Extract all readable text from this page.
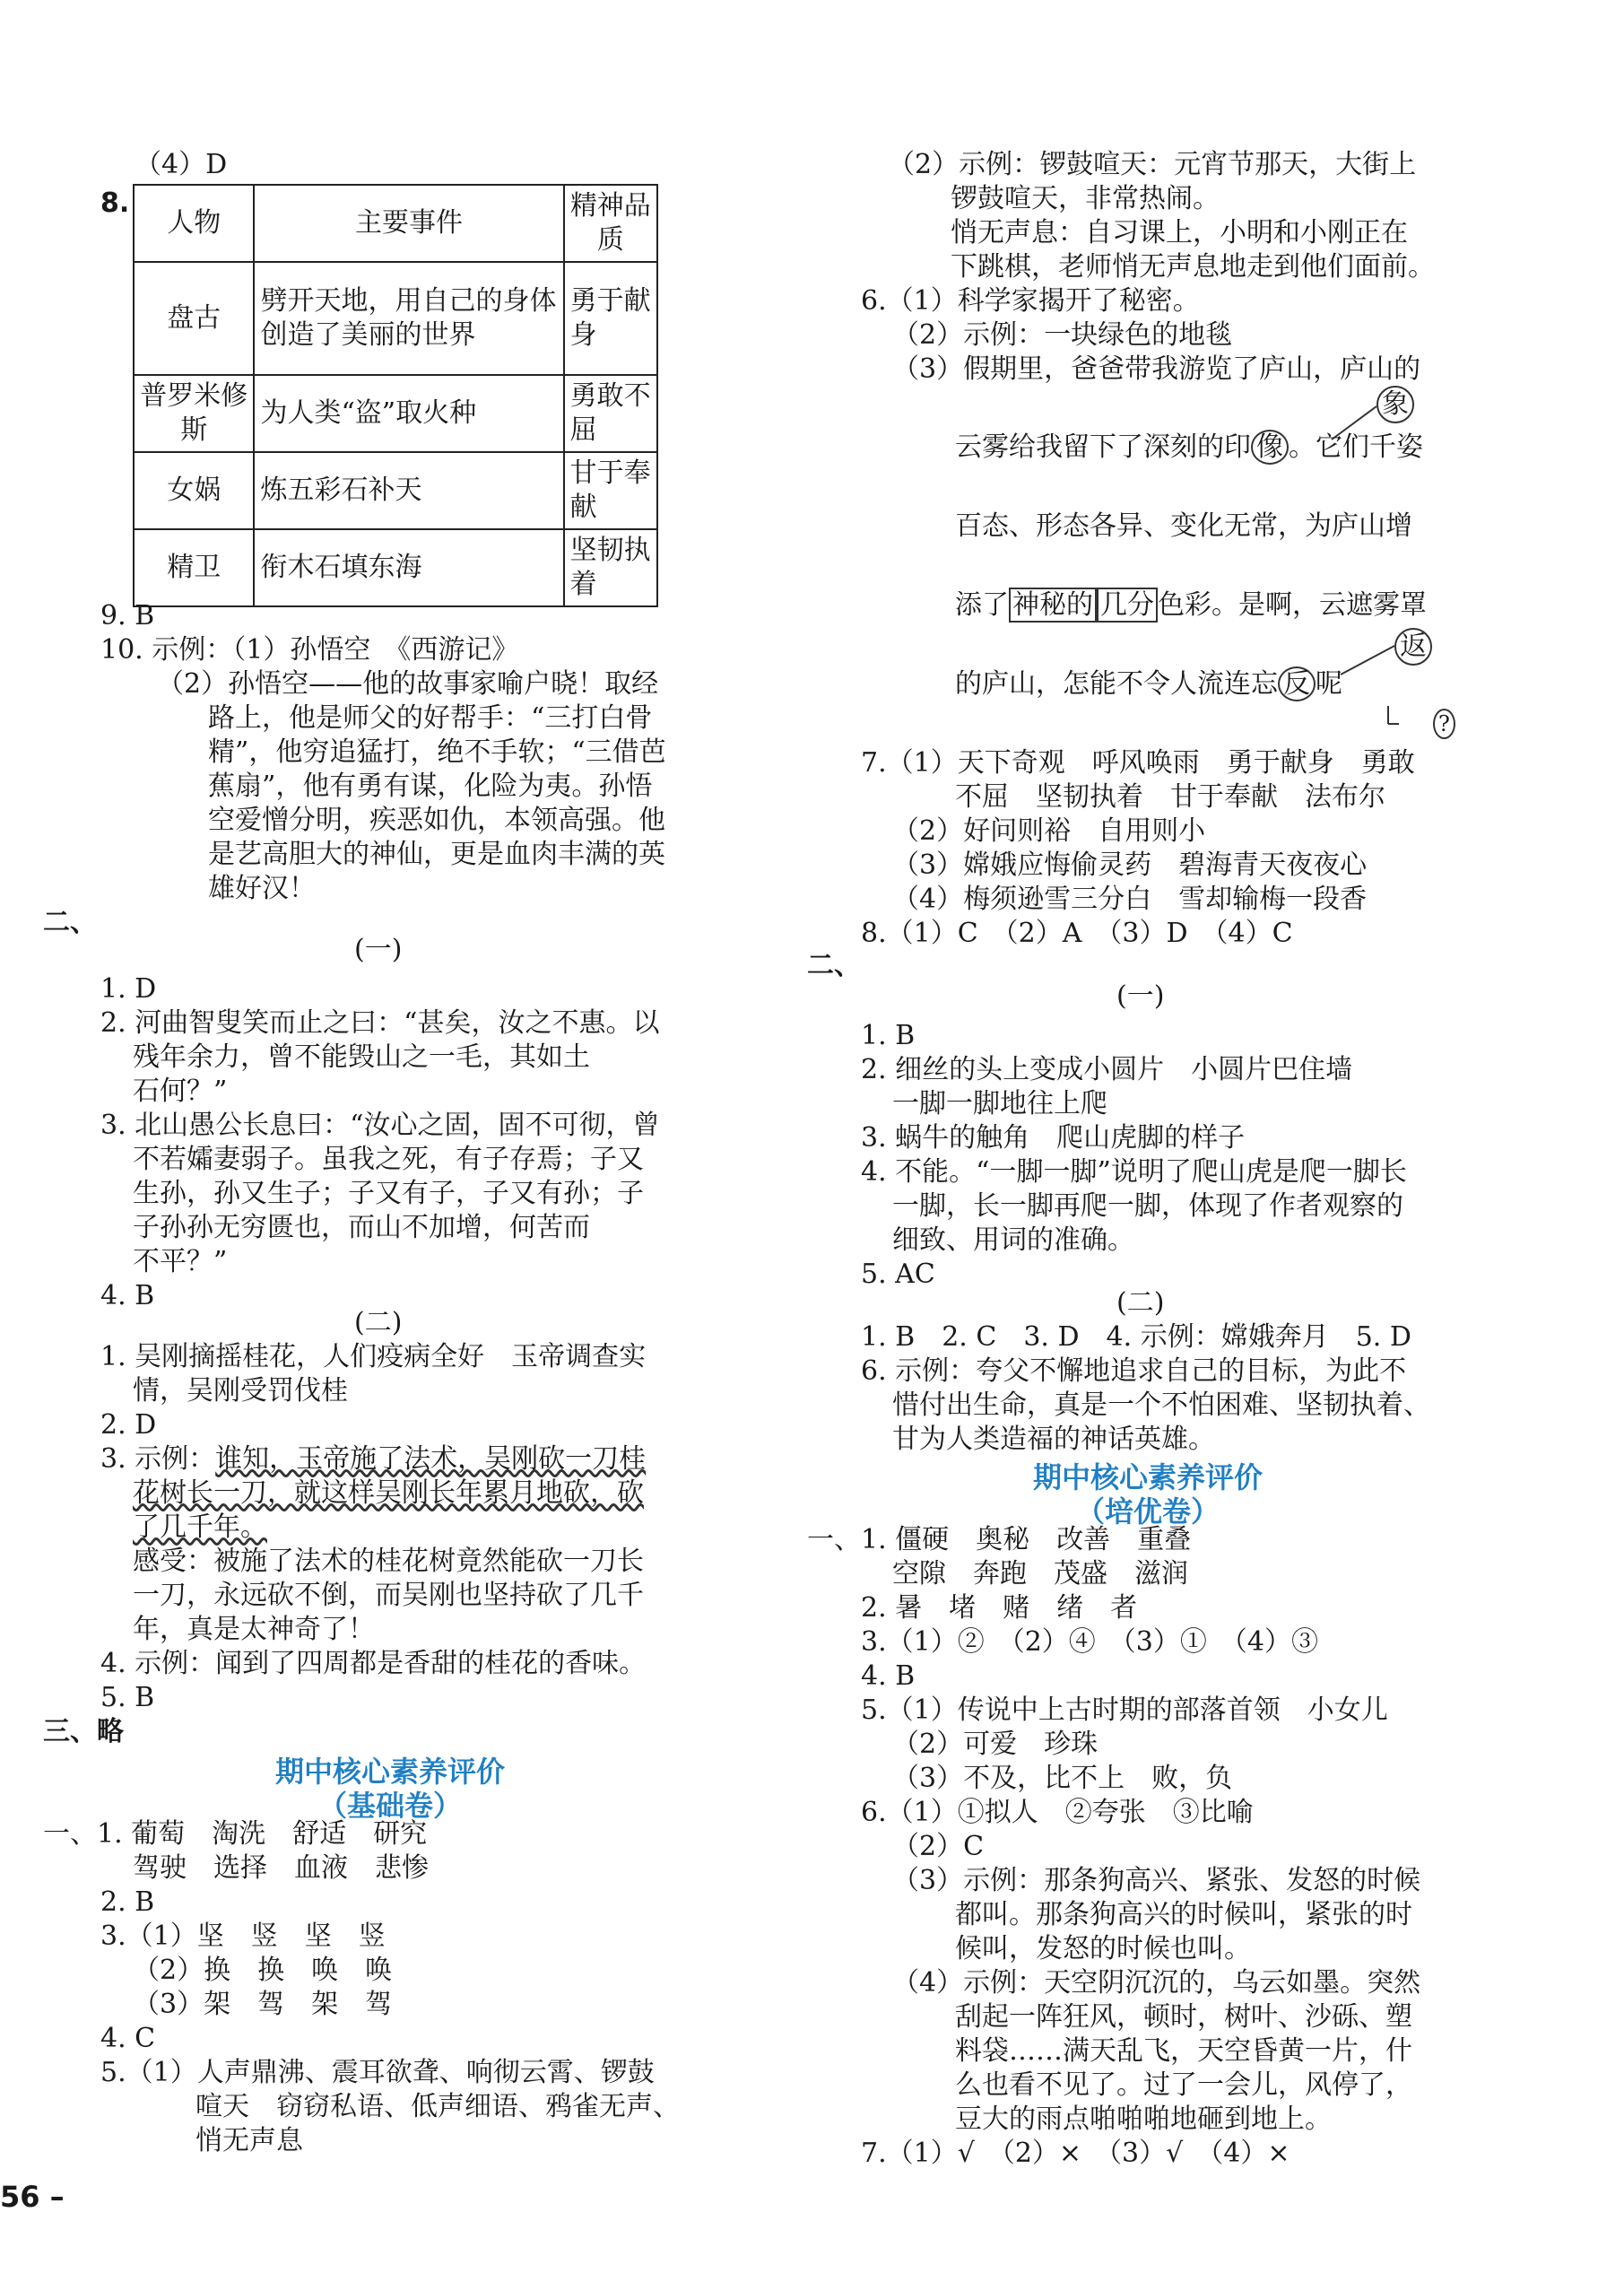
（4）D
8.
人物	主要事件	精神品质
盘古	劈开天地，用自己的身体创造了美丽的世界	勇于献身
普罗米修斯	为人类“盗”取火种	勇敢不屈
女娲	炼五彩石补天	甘于奉献
精卫	衔木石填东海	坚韧执着
9. B
10. 示例：（1）孙悟空　《西游记》
（2）孙悟空——他的故事家喻户晓！取经
路上，他是师父的好帮手：“三打白骨
精”，他穷追猛打，绝不手软；“三借芭
蕉扇”，他有勇有谋，化险为夷。孙悟
空爱憎分明，疾恶如仇，本领高强。他
是艺高胆大的神仙，更是血肉丰满的英
雄好汉！
二、
(一)
1. D
2. 河曲智叟笑而止之曰：“甚矣，汝之不惠。以
残年余力，曾不能毁山之一毛，其如土
石何？”
3. 北山愚公长息曰：“汝心之固，固不可彻，曾
不若孀妻弱子。虽我之死，有子存焉；子又
生孙，孙又生子；子又有子，子又有孙；子
子孙孙无穷匮也，而山不加增，何苦而
不平？”
4. B
(二)
1. 吴刚摘摇桂花，人们疫病全好　玉帝调查实
情，吴刚受罚伐桂
2. D
3. 示例：谁知，玉帝施了法术，吴刚砍一刀桂
花树长一刀，就这样吴刚长年累月地砍，砍
了几千年。
感受：被施了法术的桂花树竟然能砍一刀长
一刀，永远砍不倒，而吴刚也坚持砍了几千
年，真是太神奇了！
4. 示例：闻到了四周都是香甜的桂花的香味。
5. B
三、略
期中核心素养评价
（基础卷）
一、1. 葡萄　淘洗　舒适　研究
驾驶　选择　血液　悲惨
2. B
3.（1）坚　竖　坚　竖
（2）换　换　唤　唤
（3）架　驾　架　驾
4. C
5.（1）人声鼎沸、震耳欲聋、响彻云霄、锣鼓
喧天　窃窃私语、低声细语、鸦雀无声、
悄无声息
（2）示例：锣鼓喧天：元宵节那天，大街上
锣鼓喧天，非常热闹。
悄无声息：自习课上，小明和小刚正在
下跳棋，老师悄无声息地走到他们面前。
6.（1）科学家揭开了秘密。
（2）示例：一块绿色的地毯
（3）假期里，爸爸带我游览了庐山，庐山的
象
云雾给我留下了深刻的印 像 。它们千姿
百态、形态各异、变化无常，为庐山增
添了 神秘的 几分 色彩。是啊，云遮雾罩
返
的庐山，怎能不令人流连忘 反 呢
?
7.（1）天下奇观　呼风唤雨　勇于献身　勇敢
不屈　坚韧执着　甘于奉献　法布尔
（2）好问则裕　自用则小
（3）嫦娥应悔偷灵药　碧海青天夜夜心
（4）梅须逊雪三分白　雪却输梅一段香
8.（1）C　（2）A　（3）D　（4）C
二、
(一)
1. B
2. 细丝的头上变成小圆片　小圆片巴住墙
一脚一脚地往上爬
3. 蜗牛的触角　爬山虎脚的样子
4. 不能。“一脚一脚”说明了爬山虎是爬一脚长
一脚，长一脚再爬一脚，体现了作者观察的
细致、用词的准确。
5. AC
(二)
1. B　2. C　3. D　4. 示例：嫦娥奔月　5. D
6. 示例：夸父不懈地追求自己的目标，为此不
惜付出生命，真是一个不怕困难、坚韧执着、
甘为人类造福的神话英雄。
期中核心素养评价
（培优卷）
一、1. 僵硬　奥秘　改善　重叠
空隙　奔跑　茂盛　滋润
2. 暑　堵　赌　绪　者
3.（1）②　（2）④　（3）①　（4）③
4. B
5.（1）传说中上古时期的部落首领　小女儿
（2）可爱　珍珠
（3）不及，比不上　败，负
6.（1）①拟人　②夸张　③比喻
（2）C
（3）示例：那条狗高兴、紧张、发怒的时候
都叫。那条狗高兴的时候叫，紧张的时
候叫，发怒的时候也叫。
（4）示例：天空阴沉沉的，乌云如墨。突然
刮起一阵狂风，顿时，树叶、沙砾、塑
料袋……满天乱飞，天空昏黄一片，什
么也看不见了。过了一会儿，风停了，
豆大的雨点啪啪啪地砸到地上。
7.（1）√　（2）×　（3）√　（4）×
56 –
